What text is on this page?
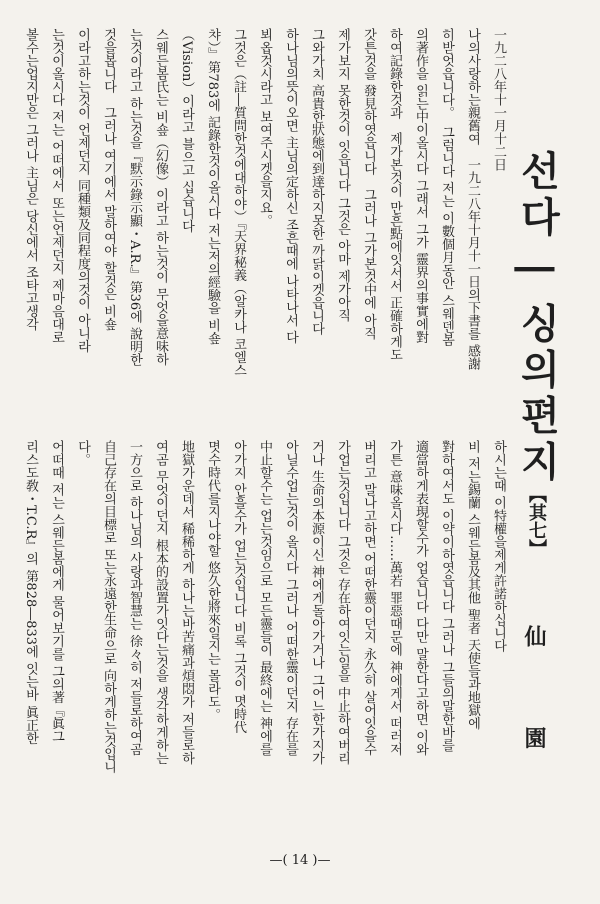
선다 | 싱의편지
【其七】
仙 園

一九二八年十一月十二日

나의사랑하는親舊여　一九二八年十月十一日의下書를 感謝

히받엇읍니다。　그럼니다 저는 이數個月동안 스웨덴봄

의著作을 읽는中이올시다 그래서 그가 靈界의事實에對

하여記錄한것과　제가본것이 만흔點에잇서서 正確하게도

갓튼것을 發見하엿읍니다　그러나 그가본것中에 아직

제가보지 못한것이 잇읍니다 그것은 아마 제가아직

그와가치 高貴한狀態에到達하지못한 까닭이겟읍니다

하나님의뜻이오면 主님의定하신 조흔때에 나타나서 다

뵈옵것시라고 보여주시겟을지요。

그것은（註―質問한것에대하야）『天界秘義（알카나 코엘스

챠）』第783에 記錄한것이올시다 저는저의經驗을 비숖

（Vision）이라고 블으고 십습니다

스웨든봄氏는 비숖（幻像）이라고 하는것이 무엇을意味하

는것이라고 하는것을『默示錄示顯・A.R.』第36에 說明한

것을봅니다　그러나 여기에서 말하여야 할것은 비숖

이라고하는것이 언제던지 同種類及同程度의것이 아니라

는것이올시다 저는 어떠에서 또는언제던지 제마음대로

볼수는업지만은 그러나 主님은 당신에서 조타고생각

하시는때 이特權을제게許諾하십니다

비 저는錫蘭 스웨든봄及其他 聖者 天使들과地獄에

對하여서도 이약이하엿읍니다 그러나 그들의말한바를

適當하게表現할수가 업습니다 다만 말한다고하면 이와

가튼 意味올시다……萬若 罪惡때문에 神에게서 떠러저

버리고 말나고하면 어떠한靈이던지 永久히 살어잇을수

가업는것입니다 그것은 存在하여잇는일을 中止하여버리

거나 生命의本源이신 神에게돌아가거나 그어느한가지가

아닐수업는것이 올시다 그러나 어떠한靈이던지 存在를

中止할수는 업는것임으로 모든靈들이 最終에는 神에를

아가지 안흘수가 업는것입니다 비록 그것이 몃時代

몃수時代를지나야할 悠久한將來일지는 몰라도。

地獄가운데서 稀稀하게 하나는바苦痛과煩悶가 저들로하

여곰 무엇이던지 根本的設置가잇다는것을 생각하게하는

一方으로 하나님의 사랑과智慧는 徐々히 저들로하여곰

自己存在의目標로 또는永遠한生命으로 向하게하는것입니

다。

어떠때 저는 스웨든봄에게 물어보기를 그의著『眞그

리스도敎・T.C.R』의 第828―833에 잇는바 眞正한

—( 14 )—
